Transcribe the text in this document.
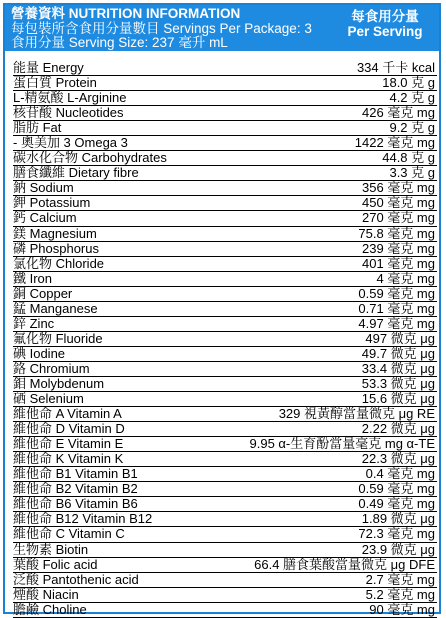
營養資料 NUTRITION INFORMATION
每包裝所含食用分量數目 Servings Per Package: 3
食用分量 Serving Size: 237 毫升 mL
每食用分量
Per Serving
能量 Energy	334 千卡 kcal
蛋白質 Protein	18.0 克 g
L-精氨酸 L-Arginine	4.2 克 g
核苷酸 Nucleotides	426 毫克 mg
脂肪 Fat	9.2 克 g
- 奧美加 3 Omega 3	1422 毫克 mg
碳水化合物 Carbohydrates	44.8 克 g
膳食纖維 Dietary fibre	3.3 克 g
鈉 Sodium	356 毫克 mg
鉀 Potassium	450 毫克 mg
鈣 Calcium	270 毫克 mg
鎂 Magnesium	75.8 毫克 mg
磷 Phosphorus	239 毫克 mg
氯化物 Chloride	401 毫克 mg
鐵 Iron	4 毫克 mg
銅 Copper	0.59 毫克 mg
錳 Manganese	0.71 毫克 mg
鋅 Zinc	4.97 毫克 mg
氟化物 Fluoride	497 微克 μg
碘 Iodine	49.7 微克 μg
鉻 Chromium	33.4 微克 μg
鉬 Molybdenum	53.3 微克 μg
硒 Selenium	15.6 微克 μg
維他命 A Vitamin A	329 視黃醇當量微克 μg RE
維他命 D Vitamin D	2.22 微克 μg
維他命 E Vitamin E	9.95 α-生育酚當量毫克 mg α-TE
維他命 K Vitamin K	22.3 微克 μg
維他命 B1 Vitamin B1	0.4 毫克 mg
維他命 B2 Vitamin B2	0.59 毫克 mg
維他命 B6 Vitamin B6	0.49 毫克 mg
維他命 B12 Vitamin B12	1.89 微克 μg
維他命 C Vitamin C	72.3 毫克 mg
生物素 Biotin	23.9 微克 μg
葉酸 Folic acid	66.4 膳食葉酸當量微克 μg DFE
泛酸 Pantothenic acid	2.7 毫克 mg
煙酸 Niacin	5.2 毫克 mg
膽鹼 Choline	90 毫克 mg
